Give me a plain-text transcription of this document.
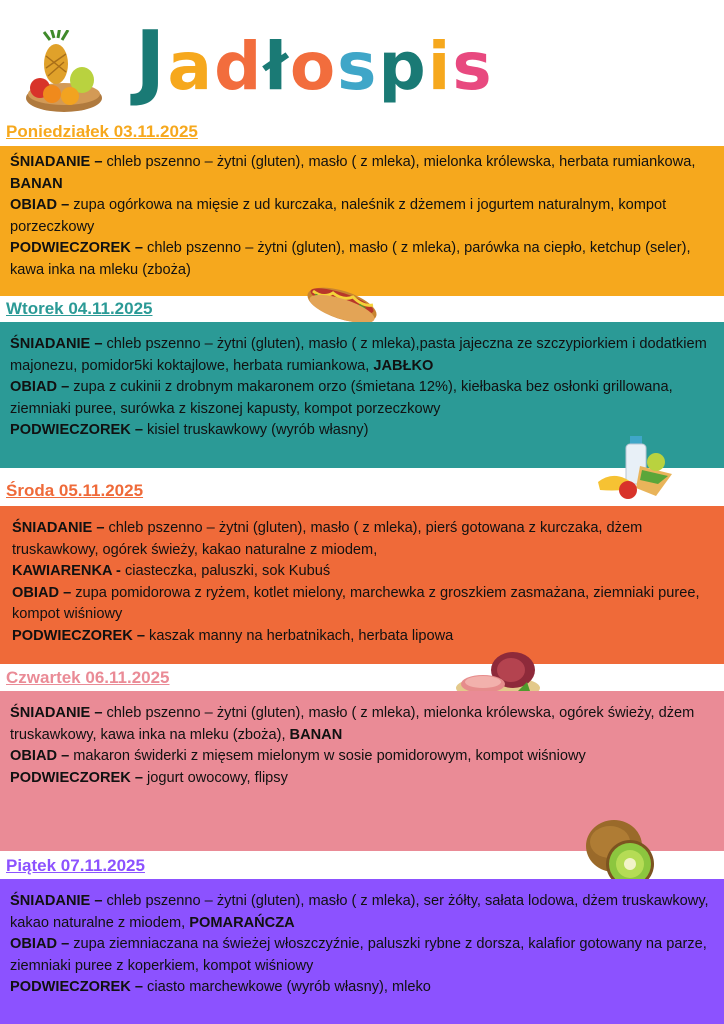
Jadłospis
Poniedziałek 03.11.2025

ŚNIADANIE – chleb pszenno – żytni (gluten), masło ( z mleka), mielonka królewska, herbata rumiankowa, BANAN

OBIAD – zupa ogórkowa na mięsie z ud kurczaka, naleśnik z dżemem i jogurtem naturalnym, kompot porzeczkowy

PODWIECZOREK – chleb pszenno – żytni (gluten), masło ( z mleka), parówka na ciepło, ketchup (seler), kawa inka na mleku (zboża)

Wtorek 04.11.2025

ŚNIADANIE – chleb pszenno – żytni (gluten), masło ( z mleka),pasta jajeczna ze szczypiorkiem i dodatkiem majonezu, pomidor5ki koktajlowe, herbata rumiankowa, JABŁKO

OBIAD – zupa z cukinii z drobnym makaronem orzo (śmietana 12%), kiełbaska bez osłonki grillowana, ziemniaki puree, surówka z kiszonej kapusty, kompot porzeczkowy

PODWIECZOREK – kisiel truskawkowy (wyrób własny)

Środa 05.11.2025

ŚNIADANIE – chleb pszenno – żytni (gluten), masło ( z mleka), pierś gotowana z kurczaka, dżem truskawkowy, ogórek świeży, kakao naturalne z miodem,

KAWIARENKA - ciasteczka, paluszki, sok Kubuś

OBIAD – zupa pomidorowa z ryżem, kotlet mielony, marchewka z groszkiem zasmażana, ziemniaki puree, kompot wiśniowy

PODWIECZOREK – kaszak manny na herbatnikach, herbata lipowa

Czwartek 06.11.2025

ŚNIADANIE – chleb pszenno – żytni (gluten), masło ( z mleka), mielonka królewska, ogórek świeży, dżem truskawkowy, kawa inka na mleku (zboża), BANAN

OBIAD – makaron świderki z mięsem mielonym w sosie pomidorowym, kompot wiśniowy

PODWIECZOREK – jogurt owocowy, flipsy

Piątek 07.11.2025

ŚNIADANIE – chleb pszenno – żytni (gluten), masło ( z mleka), ser żółty, sałata lodowa, dżem truskawkowy, kakao naturalne z miodem, POMARAŃCZA

OBIAD – zupa ziemniaczana na świeżej włoszczyźnie, paluszki rybne z dorsza, kalafior gotowany na parze, ziemniaki puree z koperkiem, kompot wiśniowy

PODWIECZOREK – ciasto marchewkowe (wyrób własny), mleko
